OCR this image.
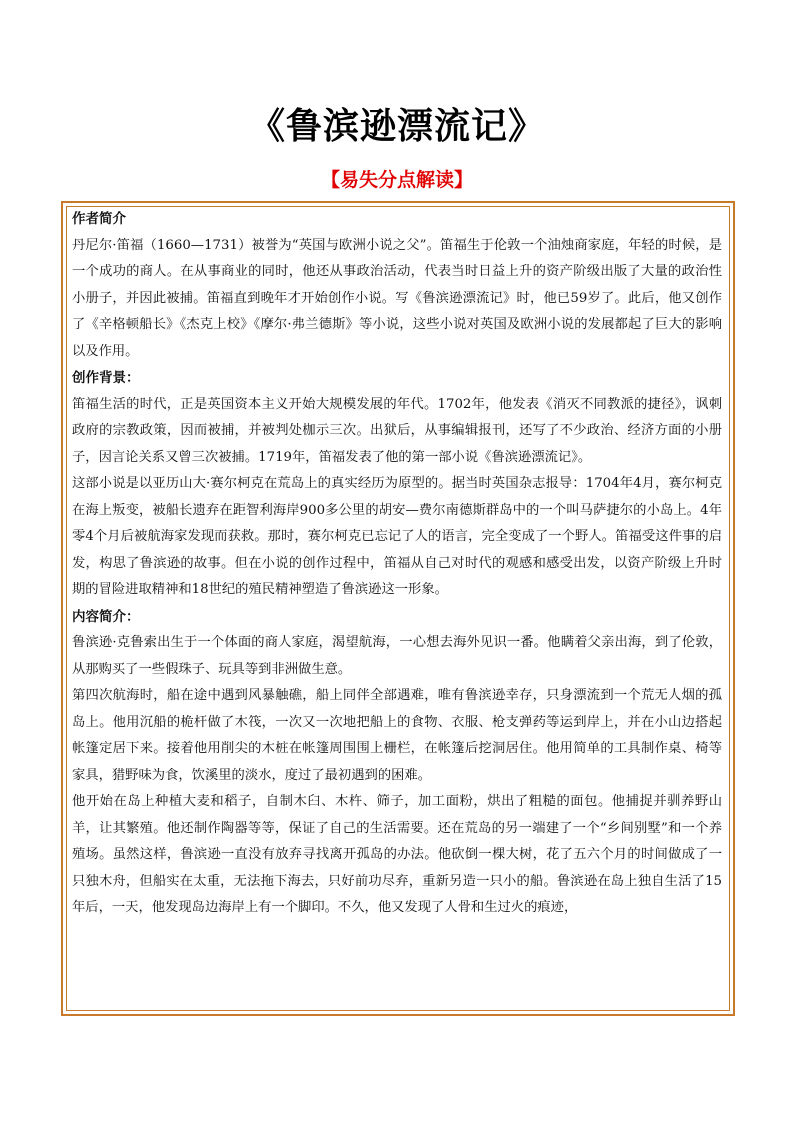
《鲁滨逊漂流记》
【易失分点解读】

作者简介

丹尼尔·笛福（1660—1731）被誉为“英国与欧洲小说之父”。笛福生于伦敦一个油烛商家庭，年轻的时候，是一个成功的商人。在从事商业的同时，他还从事政治活动，代表当时日益上升的资产阶级出版了大量的政治性小册子，并因此被捕。笛福直到晚年才开始创作小说。写《鲁滨逊漂流记》时，他已59岁了。此后，他又创作了《辛格顿船长》《杰克上校》《摩尔·弗兰德斯》等小说，这些小说对英国及欧洲小说的发展都起了巨大的影响以及作用。

创作背景：

笛福生活的时代，正是英国资本主义开始大规模发展的年代。1702年，他发表《消灭不同教派的捷径》，讽刺政府的宗教政策，因而被捕，并被判处枷示三次。出狱后，从事编辑报刊，还写了不少政治、经济方面的小册子，因言论关系又曾三次被捕。1719年，笛福发表了他的第一部小说《鲁滨逊漂流记》。

这部小说是以亚历山大·赛尔柯克在荒岛上的真实经历为原型的。据当时英国杂志报导：1704年4月，赛尔柯克在海上叛变，被船长遗弃在距智利海岸900多公里的胡安—费尔南德斯群岛中的一个叫马萨捷尔的小岛上。4年零4个月后被航海家发现而获救。那时，赛尔柯克已忘记了人的语言，完全变成了一个野人。笛福受这件事的启发，构思了鲁滨逊的故事。但在小说的创作过程中，笛福从自己对时代的观感和感受出发，以资产阶级上升时期的冒险进取精神和18世纪的殖民精神塑造了鲁滨逊这一形象。

内容简介：

鲁滨逊·克鲁索出生于一个体面的商人家庭，渴望航海，一心想去海外见识一番。他瞒着父亲出海，到了伦敦，从那购买了一些假珠子、玩具等到非洲做生意。

第四次航海时，船在途中遇到风暴触礁，船上同伴全部遇难，唯有鲁滨逊幸存，只身漂流到一个荒无人烟的孤岛上。他用沉船的桅杆做了木筏，一次又一次地把船上的食物、衣服、枪支弹药等运到岸上，并在小山边搭起帐篷定居下来。接着他用削尖的木桩在帐篷周围围上栅栏，在帐篷后挖洞居住。他用简单的工具制作桌、椅等家具，猎野味为食，饮溪里的淡水，度过了最初遇到的困难。

他开始在岛上种植大麦和稻子，自制木臼、木杵、筛子，加工面粉，烘出了粗糙的面包。他捕捉并驯养野山羊，让其繁殖。他还制作陶器等等，保证了自己的生活需要。还在荒岛的另一端建了一个“乡间别墅”和一个养殖场。虽然这样，鲁滨逊一直没有放弃寻找离开孤岛的办法。他砍倒一棵大树，花了五六个月的时间做成了一只独木舟，但船实在太重，无法拖下海去，只好前功尽弃，重新另造一只小的船。鲁滨逊在岛上独自生活了15年后，一天，他发现岛边海岸上有一个脚印。不久，他又发现了人骨和生过火的痕迹，
